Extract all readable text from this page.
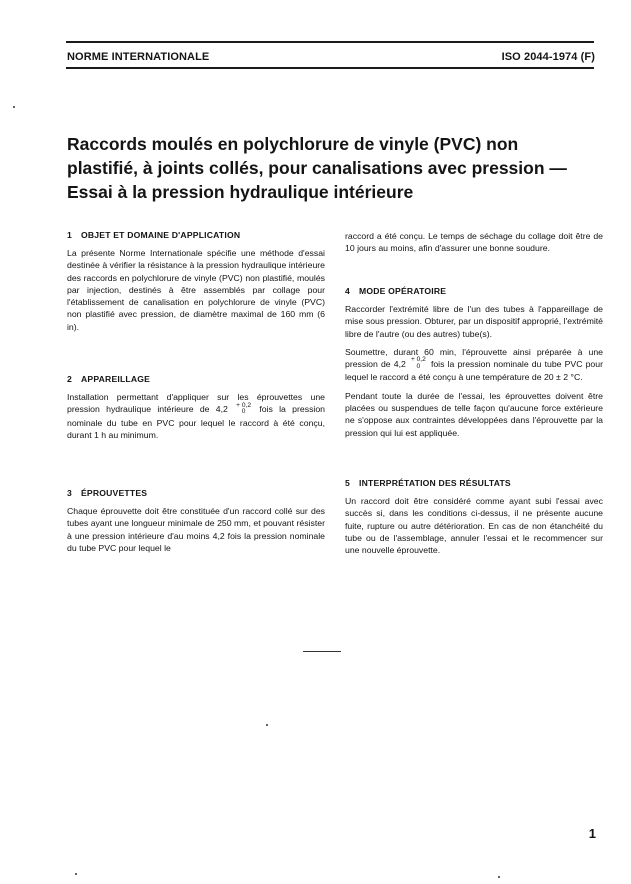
NORME INTERNATIONALE	ISO 2044-1974 (F)
Raccords moulés en polychlorure de vinyle (PVC) non plastifié, à joints collés, pour canalisations avec pression — Essai à la pression hydraulique intérieure
1 OBJET ET DOMAINE D'APPLICATION

La présente Norme Internationale spécifie une méthode d'essai destinée à vérifier la résistance à la pression hydraulique intérieure des raccords en polychlorure de vinyle (PVC) non plastifié, moulés par injection, destinés à être assemblés par collage pour l'établissement de canalisation en polychlorure de vinyle (PVC) non plastifié avec pression, de diamètre maximal de 160 mm (6 in).

2 APPAREILLAGE

Installation permettant d'appliquer sur les éprouvettes une pression hydraulique intérieure de 4,2 + 0,2
0	fois la pression nominale du tube en PVC pour lequel le raccord à été conçu, durant 1 h au minimum.

3 ÉPROUVETTES

Chaque éprouvette doit être constituée d'un raccord collé sur des tubes ayant une longueur minimale de 250 mm, et pouvant résister à une pression intérieure d'au moins 4,2 fois la pression nominale du tube PVC pour lequel le

raccord a été conçu. Le temps de séchage du collage doit être de 10 jours au moins, afin d'assurer une bonne soudure.

4 MODE OPÉRATOIRE

Raccorder l'extrémité libre de l'un des tubes à l'appareillage de mise sous pression. Obturer, par un dispositif approprié, l'extrémité libre de l'autre (ou des autres) tube(s).

Soumettre, durant 60 min, l'éprouvette ainsi préparée à une pression de 4,2 + 0,2
0	fois la pression nominale du tube PVC pour lequel le raccord a été conçu à une température de 20 ± 2 °C.

Pendant toute la durée de l'essai, les éprouvettes doivent être placées ou suspendues de telle façon qu'aucune force extérieure ne s'oppose aux contraintes développées dans l'éprouvette par la pression qui lui est appliquée.

5 INTERPRÉTATION DES RÉSULTATS

Un raccord doit être considéré comme ayant subi l'essai avec succès si, dans les conditions ci-dessus, il ne présente aucune fuite, rupture ou autre détérioration. En cas de non étanchéité du tube ou de l'assemblage, annuler l'essai et le recommencer sur une nouvelle éprouvette.

1
